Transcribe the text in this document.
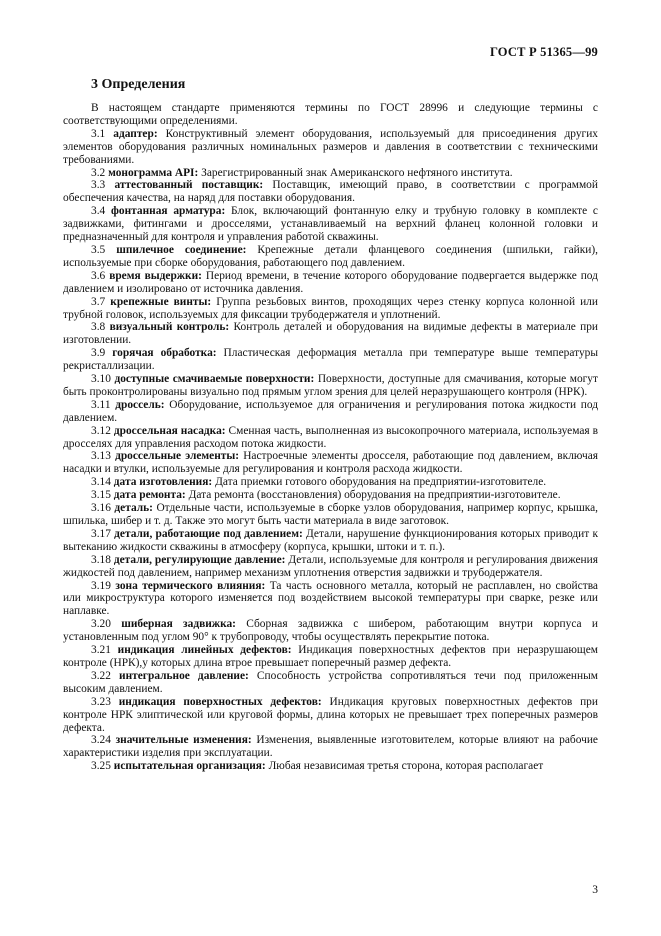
ГОСТ Р 51365—99
3 Определения

В настоящем стандарте применяются термины по ГОСТ 28996 и следующие термины с соответствующими определениями.

3.1 адаптер: Конструктивный элемент оборудования, используемый для присоединения других элементов оборудования различных номинальных размеров и давления в соответствии с техническими требованиями.

3.2 монограмма API: Зарегистрированный знак Американского нефтяного института.

3.3 аттестованный поставщик: Поставщик, имеющий право, в соответствии с программой обеспечения качества, на наряд для поставки оборудования.

3.4 фонтанная арматура: Блок, включающий фонтанную елку и трубную головку в комплекте с задвижками, фитингами и дросселями, устанавливаемый на верхний фланец колонной головки и предназначенный для контроля и управления работой скважины.

3.5 шпилечное соединение: Крепежные детали фланцевого соединения (шпильки, гайки), используемые при сборке оборудования, работающего под давлением.

3.6 время выдержки: Период времени, в течение которого оборудование подвергается выдержке под давлением и изолировано от источника давления.

3.7 крепежные винты: Группа резьбовых винтов, проходящих через стенку корпуса колонной или трубной головок, используемых для фиксации трубодержателя и уплотнений.

3.8 визуальный контроль: Контроль деталей и оборудования на видимые дефекты в материале при изготовлении.

3.9 горячая обработка: Пластическая деформация металла при температуре выше температуры рекристаллизации.

3.10 доступные смачиваемые поверхности: Поверхности, доступные для смачивания, которые могут быть проконтролированы визуально под прямым углом зрения для целей неразрушающего контроля (НРК).

3.11 дроссель: Оборудование, используемое для ограничения и регулирования потока жидкости под давлением.

3.12 дроссельная насадка: Сменная часть, выполненная из высокопрочного материала, используемая в дросселях для управления расходом потока жидкости.

3.13 дроссельные элементы: Настроечные элементы дросселя, работающие под давлением, включая насадки и втулки, используемые для регулирования и контроля расхода жидкости.

3.14 дата изготовления: Дата приемки готового оборудования на предприятии-изготовителе.

3.15 дата ремонта: Дата ремонта (восстановления) оборудования на предприятии-изготовителе.

3.16 деталь: Отдельные части, используемые в сборке узлов оборудования, например корпус, крышка, шпилька, шибер и т. д. Также это могут быть части материала в виде заготовок.

3.17 детали, работающие под давлением: Детали, нарушение функционирования которых приводит к вытеканию жидкости скважины в атмосферу (корпуса, крышки, штоки и т. п.).

3.18 детали, регулирующие давление: Детали, используемые для контроля и регулирования движения жидкостей под давлением, например механизм уплотнения отверстия задвижки и трубодержателя.

3.19 зона термического влияния: Та часть основного металла, который не расплавлен, но свойства или микроструктура которого изменяется под воздействием высокой температуры при сварке, резке или наплавке.

3.20 шиберная задвижка: Сборная задвижка с шибером, работающим внутри корпуса и установленным под углом 90° к трубопроводу, чтобы осуществлять перекрытие потока.

3.21 индикация линейных дефектов: Индикация поверхностных дефектов при неразрушающем контроле (НРК),у которых длина втрое превышает поперечный размер дефекта.

3.22 интегральное давление: Способность устройства сопротивляться течи под приложенным высоким давлением.

3.23 индикация поверхностных дефектов: Индикация круговых поверхностных дефектов при контроле НРК элиптической или круговой формы, длина которых не превышает трех поперечных размеров дефекта.

3.24 значительные изменения: Изменения, выявленные изготовителем, которые влияют на рабочие характеристики изделия при эксплуатации.

3.25 испытательная организация: Любая независимая третья сторона, которая располагает

3
